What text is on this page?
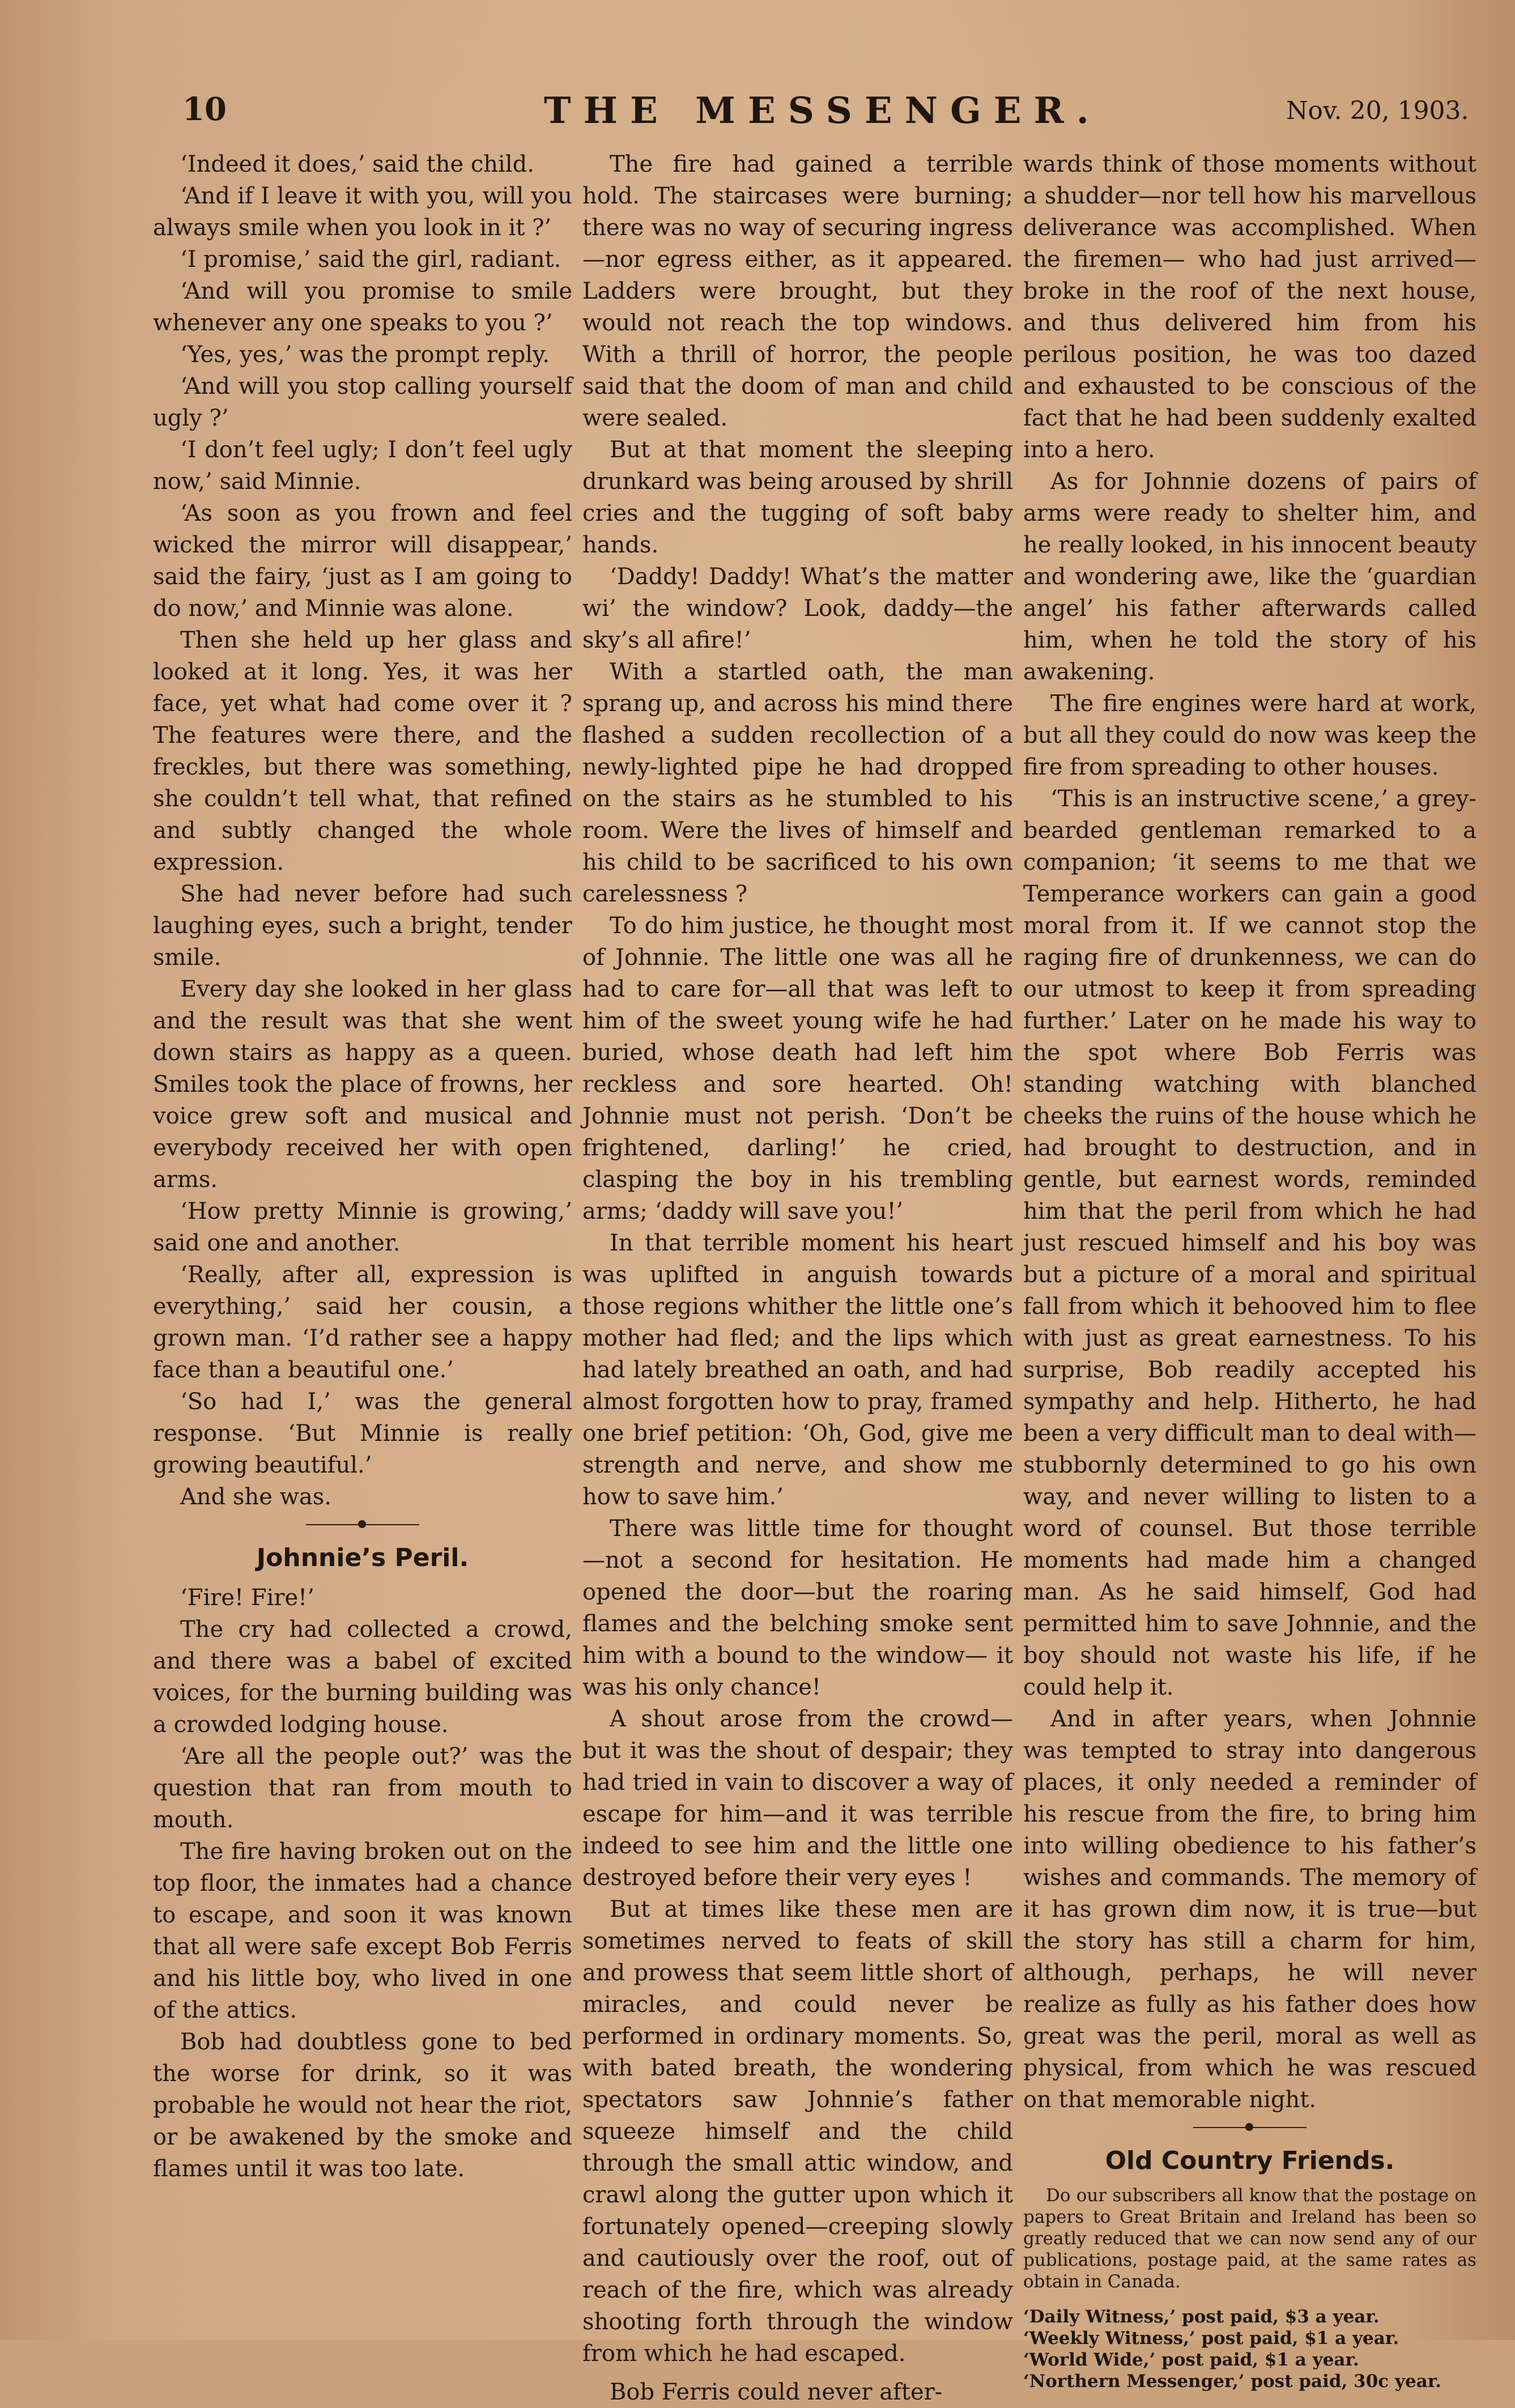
10	THE MESSENGER.	Nov. 20, 1903.

‘Indeed it does,’ said the child.

‘And if I leave it with you, will you always smile when you look in it ?’

‘I promise,’ said the girl, radiant.

‘And will you promise to smile whenever any one speaks to you ?’

‘Yes, yes,’ was the prompt reply.

‘And will you stop calling yourself ugly ?’

‘I don’t feel ugly; I don’t feel ugly now,’ said Minnie.

‘As soon as you frown and feel wicked the mirror will disappear,’ said the fairy, ‘just as I am going to do now,’ and Minnie was alone.

Then she held up her glass and looked at it long. Yes, it was her face, yet what had come over it ? The features were there, and the freckles, but there was something, she couldn’t tell what, that refined and subtly changed the whole expression.

She had never before had such laughing eyes, such a bright, tender smile.

Every day she looked in her glass and the result was that she went down stairs as happy as a queen. Smiles took the place of frowns, her voice grew soft and musical and everybody received her with open arms.

‘How pretty Minnie is growing,’ said one and another.

‘Really, after all, expression is everything,’ said her cousin, a grown man. ‘I’d rather see a happy face than a beautiful one.’

‘So had I,’ was the general response. ‘But Minnie is really growing beautiful.’

And she was.

Johnnie’s Peril.

‘Fire! Fire!’

The cry had collected a crowd, and there was a babel of excited voices, for the burning building was a crowded lodging house.

‘Are all the people out?’ was the question that ran from mouth to mouth.

The fire having broken out on the top floor, the inmates had a chance to escape, and soon it was known that all were safe except Bob Ferris and his little boy, who lived in one of the attics.

Bob had doubtless gone to bed the worse for drink, so it was probable he would not hear the riot, or be awakened by the smoke and flames until it was too late.

The fire had gained a terrible hold. The staircases were burning; there was no way of securing ingress—nor egress either, as it appeared. Ladders were brought, but they would not reach the top windows. With a thrill of horror, the people said that the doom of man and child were sealed.

But at that moment the sleeping drunkard was being aroused by shrill cries and the tugging of soft baby hands.

‘Daddy! Daddy! What’s the matter wi’ the window? Look, daddy—the sky’s all afire!’

With a startled oath, the man sprang up, and across his mind there flashed a sudden recollection of a newly-lighted pipe he had dropped on the stairs as he stumbled to his room. Were the lives of himself and his child to be sacrificed to his own carelessness ?

To do him justice, he thought most of Johnnie. The little one was all he had to care for—all that was left to him of the sweet young wife he had buried, whose death had left him reckless and sore hearted. Oh! Johnnie must not perish. ‘Don’t be frightened, darling!’ he cried, clasping the boy in his trembling arms; ‘daddy will save you!’

In that terrible moment his heart was uplifted in anguish towards those regions whither the little one’s mother had fled; and the lips which had lately breathed an oath, and had almost forgotten how to pray, framed one brief petition: ‘Oh, God, give me strength and nerve, and show me how to save him.’

There was little time for thought —not a second for hesitation. He opened the door—but the roaring flames and the belching smoke sent him with a bound to the window— it was his only chance!

A shout arose from the crowd— but it was the shout of despair; they had tried in vain to discover a way of escape for him—and it was terrible indeed to see him and the little one destroyed before their very eyes !

But at times like these men are sometimes nerved to feats of skill and prowess that seem little short of miracles, and could never be performed in ordinary moments. So, with bated breath, the wondering spectators saw Johnnie’s father squeeze himself and the child through the small attic window, and crawl along the gutter upon which it fortunately opened—creeping slowly and cautiously over the roof, out of reach of the fire, which was already shooting forth through the window from which he had escaped.

Bob Ferris could never after-

wards think of those moments without a shudder—nor tell how his marvellous deliverance was accomplished. When the firemen— who had just arrived—broke in the roof of the next house, and thus delivered him from his perilous position, he was too dazed and exhausted to be conscious of the fact that he had been suddenly exalted into a hero.

As for Johnnie dozens of pairs of arms were ready to shelter him, and he really looked, in his innocent beauty and wondering awe, like the ‘guardian angel’ his father afterwards called him, when he told the story of his awakening.

The fire engines were hard at work, but all they could do now was keep the fire from spreading to other houses.

‘This is an instructive scene,’ a grey-bearded gentleman remarked to a companion; ‘it seems to me that we Temperance workers can gain a good moral from it. If we cannot stop the raging fire of drunkenness, we can do our utmost to keep it from spreading further.’ Later on he made his way to the spot where Bob Ferris was standing watching with blanched cheeks the ruins of the house which he had brought to destruction, and in gentle, but earnest words, reminded him that the peril from which he had just rescued himself and his boy was but a picture of a moral and spiritual fall from which it behooved him to flee with just as great earnestness. To his surprise, Bob readily accepted his sympathy and help. Hitherto, he had been a very difficult man to deal with— stubbornly determined to go his own way, and never willing to listen to a word of counsel. But those terrible moments had made him a changed man. As he said himself, God had permitted him to save Johnnie, and the boy should not waste his life, if he could help it.

And in after years, when Johnnie was tempted to stray into dangerous places, it only needed a reminder of his rescue from the fire, to bring him into willing obedience to his father’s wishes and commands. The memory of it has grown dim now, it is true—but the story has still a charm for him, although, perhaps, he will never realize as fully as his father does how great was the peril, moral as well as physical, from which he was rescued on that memorable night.

Old Country Friends.

Do our subscribers all know that the postage on papers to Great Britain and Ireland has been so greatly reduced that we can now send any of our publications, postage paid, at the same rates as obtain in Canada.

‘Daily Witness,’ post paid, $3 a year.
‘Weekly Witness,’ post paid, $1 a year.
‘World Wide,’ post paid, $1 a year.
‘Northern Messenger,’ post paid, 30c year.
